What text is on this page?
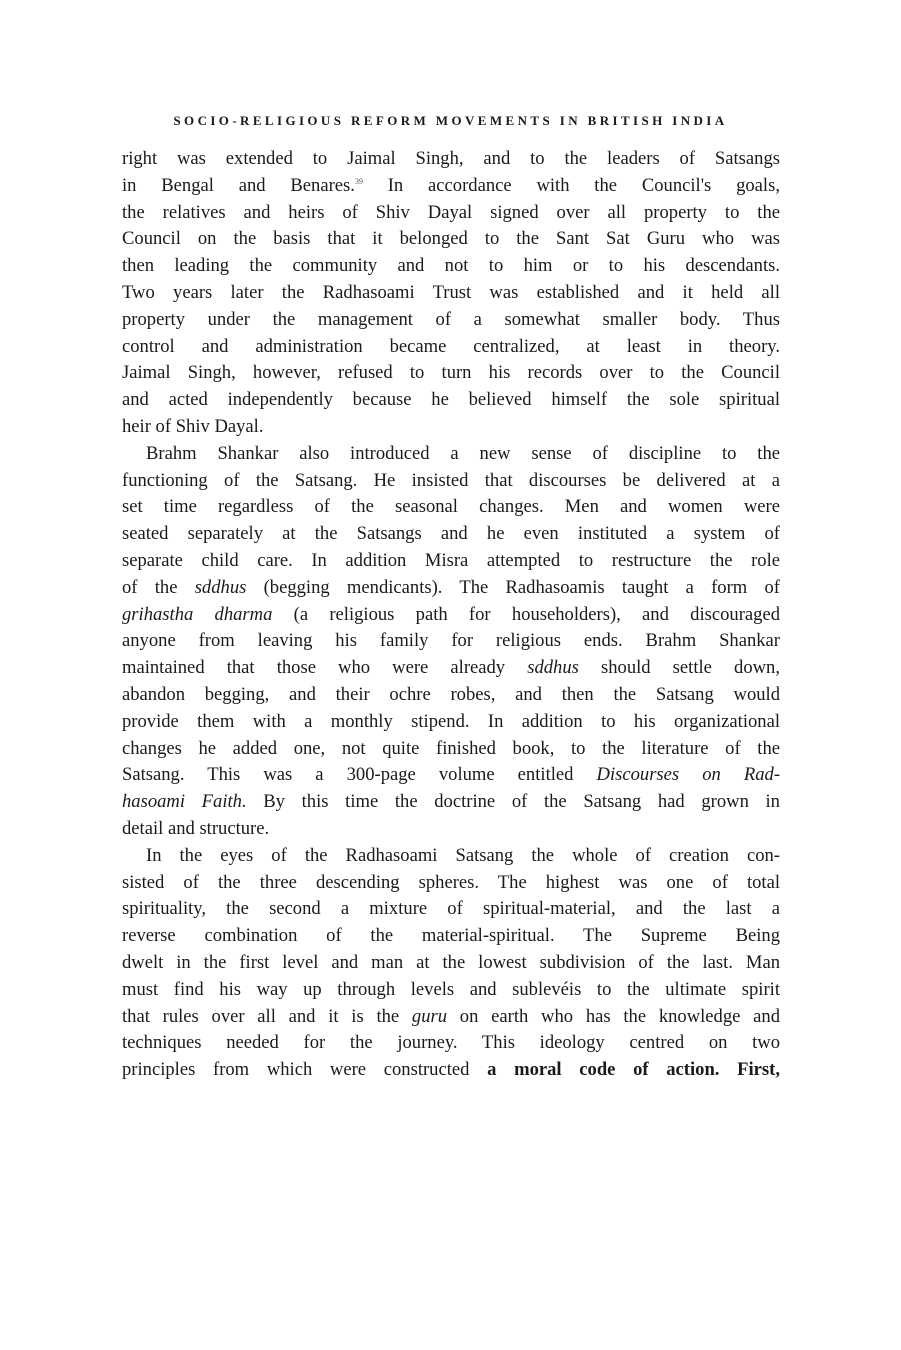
SOCIO-RELIGIOUS REFORM MOVEMENTS IN BRITISH INDIA
right was extended to Jaimal Singh, and to the leaders of Satsangs
in Bengal and Benares.$^{39}$ In accordance with the Council's goals,
the relatives and heirs of Shiv Dayal signed over all property to the
Council on the basis that it belonged to the Sant Sat Guru who was
then leading the community and not to him or to his descendants.
Two years later the Radhasoami Trust was established and it held all
property under the management of a somewhat smaller body. Thus
control and administration became centralized, at least in theory.
Jaimal Singh, however, refused to turn his records over to the Council
and acted independently because he believed himself the sole spiritual
heir of Shiv Dayal.
Brahm Shankar also introduced a new sense of discipline to the
functioning of the Satsang. He insisted that discourses be delivered at a
set time regardless of the seasonal changes. Men and women were
seated separately at the Satsangs and he even instituted a system of
separate child care. In addition Misra attempted to restructure the role
of the sddhus (begging mendicants). The Radhasoamis taught a form of
grihastha dharma (a religious path for householders), and discouraged
anyone from leaving his family for religious ends. Brahm Shankar
maintained that those who were already sddhus should settle down,
abandon begging, and their ochre robes, and then the Satsang would
provide them with a monthly stipend. In addition to his organizational
changes he added one, not quite finished book, to the literature of the
Satsang. This was a 300-page volume entitled Discourses on Rad-
hasoami Faith. By this time the doctrine of the Satsang had grown in
detail and structure.
In the eyes of the Radhasoami Satsang the whole of creation con-
sisted of the three descending spheres. The highest was one of total
spirituality, the second a mixture of spiritual-material, and the last a
reverse combination of the material-spiritual. The Supreme Being
dwelt in the first level and man at the lowest subdivision of the last. Man
must find his way up through levels and sublevéis to the ultimate spirit
that rules over all and it is the guru on earth who has the knowledge and
techniques needed for the journey. This ideology centred on two
principles from which were constructed a moral code of action. First,
